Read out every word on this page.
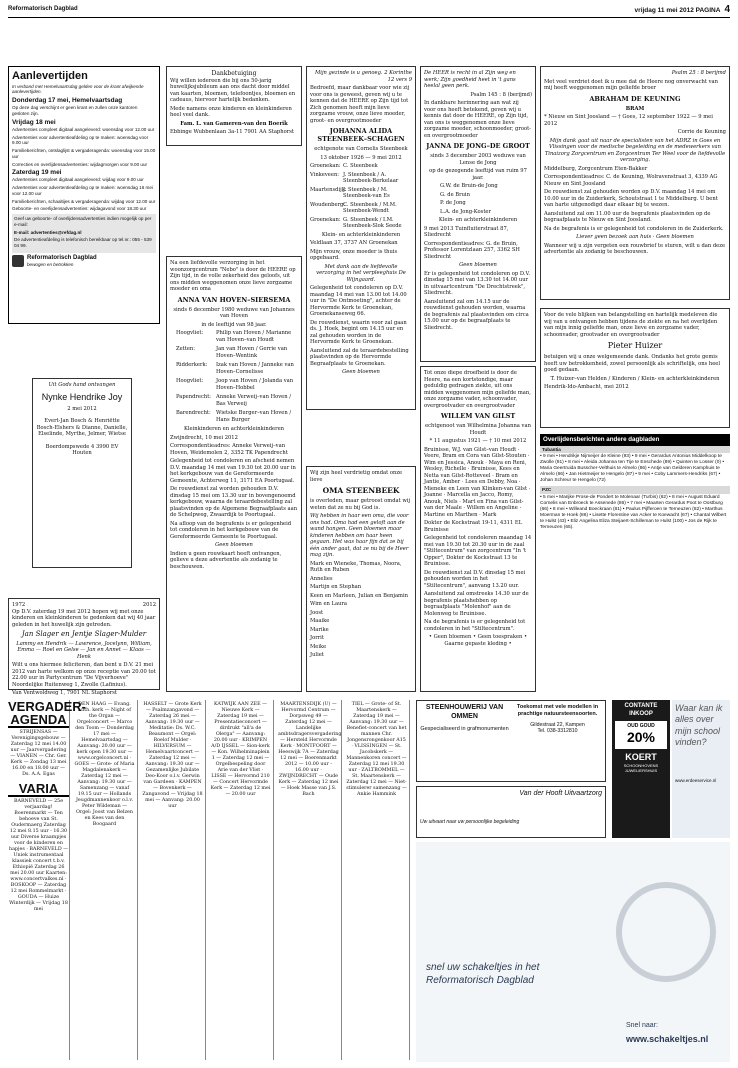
Reformatorisch Dagblad	vrijdag 11 mei 2012 PAGINA 4
Aanlevertijden

In verband met Hemelvaartsdag gelden voor de krant afwijkende aanlevertijden.

Donderdag 17 mei, Hemelvaartsdag

Op deze dag verschijnt er geen krant en zullen onze kantoren gesloten zijn.

Vrijdag 18 mei

Advertenties compleet digitaal aangeleverd: woensdag voor 12.00 uur

Advertenties voor advertentieafdeling op te maken: woensdag voor 9.00 uur

Familieberichten, ontslaglijst & vergaderagenda: woensdag voor 15.00 uur

Correcties en overlijdensadvertenties: wijdagmorgen voor 9.00 uur

Zaterdag 19 mei

Advertenties compleet digitaal aangeleverd: wijdag voor 9.00 uur

Advertenties voor advertentieafdeling op te maken: woensdag 16 mei voor 12.00 uur

Familieberichten, schaaltijes & vergaderagenda: wijdag voor 12.00 uur

Geboorte- en overlijdensadvertenties: wijdagavond voor 18.30 uur

Geef uw geboorte- of overlijdensadvertenties indien mogelijk op per e-mail:

E-mail: advertenties@refdag.nl

De advertentieafdeling is telefonisch bereikbaar op tel.nr.: 055 - 539 04 99.

Reformatorisch Dagblad
bewogen en betrokken

Uit Gods hand ontvangen

Nynke Hendrike Joy

2 mei 2012

Evert-Jan Bosch & Henriëtte Bosch-Elshers & Dianne, Danielle, Elselinde, Myrthe, Jelmer, Wietse

Boerdompswede 4 3990 EV Houten

1972	2012

Op D.V. zaterdag 19 mei 2012 hopen wij met onze kinderen en kleinkinderen te gedenken dat wij 40 jaar geleden in het huwelijk zijn getreden.

Jan Slager en Jentje Slager-Mulder

Lammy en Hendrik — Lawrence, Jocelynn, William, Emma — Roel en Gelse — Jan en Annet — Klaas — Henk

Wilt u ons hiermee feliciteren, dan bent u D.V. 21 mei 2012 van harte welkom op onze receptie van 20.00 tot 22.00 uur in Partycentrum "De Vijverhoeve" Noordelijke Ruitenweg 1, Zwolle (Lafinius).

Van Ventwoldweg 1, 7901 NL Staphorst

Dankbetuiging

Wij willen iedereen die bij ons 50-jarig huwelijksjubileum aan ons dacht door middel van kaarten, bloemen, telefoontjes, bloemen en cadeaus, hiervoor hartelijk bedanken.

Mede namens onze kinderen en kleinkinderen heel veel dank.

Fam. L. van Gameren-van den Boerik

Ebbinge Wubbenlaan 3a-11 7901 AA Staphorst

Na een liefdevolle verzorging in het woonzorgcentrum "Nebo" is door de HEERE op Zijn tijd, in de volle zekerheid des geloofs, uit ons midden weggenomen onze lieve zorgzame moeder en oma

ANNA VAN HOVEN–SIERSEMA

sinds 6 december 1980 weduwe van Johannes van Hoven

in de leeftijd van 98 jaar.

Hoogvliet:	Philip van Hoven / Marianne van Hoven–van Houdt
Zetten:	Jan van Hoven / Gerrie van Hoven–Wentink
Ridderkerk:	Izak van Hoven / Janneke van Hoven–Cornelisse
Hoogvliet:	Joop van Hoven / Jolanda van Hoven–Hobbel
Papendrecht: Anneke Verweij–van Hoven / Bas Verweij
Barendrecht: Wietske Burger–van Hoven / Hans Burger

Kleinkinderen en achterkleinkinderen

Zwijndrecht, 10 mei 2012

Correspondentieadres: Anneke Verweij–van Hoven, Weidemolen 2, 3352 TK Papendrecht

Gelegenheid tot condoleren en afscheid nemen D.V. maandag 14 mei van 19.30 tot 20.00 uur in het kerkgebouw van de Gereformeerde Gemeente, Achterweg 11, 3171 EA Poortugaal.

De rouwdienst zal worden gehouden D.V. dinsdag 15 mei om 13.30 uur in bovengenoemd kerkgebouw, waarna de teraardebestelling zal plaatsvinden op de Algemene Begraafplaats aan de Schelpweg, Zwaardijk te Poortugaal.

Na afloop van de begrafenis is er gelegenheid tot condoleren in het kerkgebouw van de Gereformeerde Gemeente te Poortugaal.

Geen bloemen

Indien u geen rouwkaart heeft ontvangen, gelieve u deze advertentie als zodanig te beschouwen.

Mijn gezinde is u genoeg. 2 Korinthe 12 vers 9

Bedroefd, maar dankbaar voor wie zij voor ons is geweest, geven wij u te kennen dat de HEERE op Zijn tijd tot Zich genomen heeft mijn lieve zorgzame vrouw, onze lieve moeder, groot- en overgrootmoeder

JOHANNA ALIDA STEENBEEK–SCHAGEN

echtgenote van Cornelis Steenbeek

13 oktober 1926 — 9 mei 2012

Groenekan: C. Steenbeek
Vinkeveen: J. Steenbeek / A. Steenbeek-Berkelaar
Maartensdijk:
J. Steenbeek / M. Steenbeek-van Es
Woudenberg:
C. Steenbeek / M.M. Steenbeek-Wendt
Groenekan: G. Steenbeek / I.M. Steenbeek-Slok Seede

Klein- en achterkleinkinderen

Veldlaan 37, 3737 AN Groenekan

Mijn vrouw, onze moeder is thuis opgebaard.

Met dank aan de liefdevolle verzorging in het verpleeghuis De Wijngaard.

Gelegenheid tot condoleren op D.V. maandag 14 mei van 13.00 tot 14.00 uur in "De Ontmoeting", achter de Hervormde Kerk te Groenekan, Groenekanseweg 66.

De rouwdienst, waarin voor zal gaan ds. J. Hoek, begint om 14.15 uur en zal gehouden worden in de Hervormde Kerk te Groenekan.

Aansluitend zal de teraardebestelling plaatsvinden op de Hervormde Begraafplaats te Groenekan.

Geen bloemen

Wij zijn heel verdrietig omdat onze lieve

OMA STEENBEEK

is overleden, maar getroost omdat wij weten dat ze nu bij God is.

Wij hebben in haar een oma, die voor ons had. Oma had een geloft aan de wand hangen. Geen bloemen maar kinderen hebben om haar heen gegaan. Het was haar fijn dat ze bij één ander gaat, dat ze nu bij de Heer mag zijn.

Mark en Wieneke, Thomas, Noora, Ruth en Ruben

Annelies

Martijn en Stephan

Keen en Marleen, Julian en Benjamin

Wim en Laura

Joost

Maaike

Marike

Jorrit

Meike

Juliet

De HEER is recht in al Zijn weg en werk; Zijn goedheid heet in 't gans heelal geen perk.

Psalm 145 : 8 (berijmd)

In dankbare herinnering aan wat zij voor ons heeft betekend, geven wij u kennis dat door de HEERE, op Zijn tijd, van ons is weggenomen onze lieve zorgzame moeder, schoonmoeder, groot- en overgrootmoeder

JANNA DE JONG–DE GROOT

sinds 3 december 2003 weduwe van Lense de Jong

op de gezegende leeftijd van ruim 97 jaar.

G.W. de Bruin-de Jong

G. de Bruin

P. de Jong

L.A. de Jong-Koster

Klein- en achterkleinkinderen

9 mei 2013 Tuinfluiterstraat 87, Sliedrecht

Correspondentieadres: G. de Bruin, Professor Lorentzlaan 257, 3362 SH Sliedrecht

Geen bloemen

Er is gelegenheid tot condoleren op D.V. dinsdag 15 mei van 13.30 tot 14.00 uur in uitvaartcentrum "De Drechtstreek", Sliedrecht.

Aansluitend zal om 14.15 uur de rouwdienst gehouden worden, waarna de begrafenis zal plaatsvinden om circa 15.00 uur op de begraafplaats te Sliedrecht.

Tot onze diepe droefheid is door de Heere, na een kortstondige, maar geduldig gedragen ziekte, uit ons midden weggenomen mijn geliefde man, onze zorgzame vader, schoonvader, overgrootvader en overgrootvader

WILLEM VAN GILST

echtgenoot van Wilhelmina Johanna van Houdt

* 11 augustus 1921 — † 10 mei 2012

Bruinisse, W.J. van Gilst–van Houdt · Veere, Bram en Cora van Gilst-Stouten · Wim en Jessica, Anouk · Maya en Reni, Wesley, Richelle · Bruinisse, Kees en Netta van Gilst-Rotteveel · Bram en Jantie, Amber · Loes en Debby, Noa · Mieneke en Leen van Klinken-van Gilst · Joanne · Marcella en Jacco, Romy, Anouk, Niels · Mart en Fina van Gilst-van der Maale · Willem en Angeline · Martine en Marthen · Mark

Dokter de Kockstraat 19-11, 4311 EL Bruinisse

Gelegenheid tot condoleren maandag 14 mei van 19.30 tot 20.30 uur in de zaal "Stiltecentrum" van zorgcentrum "In 't Opper", Dokter de Kockstraat 13 te Bruinisse.

De rouwdienst zal D.V. dinsdag 15 mei gehouden worden in het "Stiltecentrum", aanvang 13.20 uur.

Aansluitend zal omstreeks 14.30 uur de begrafenis plaatshebben op begraafplaats "Molenhof" aan de Molenweg te Bruinisse.

Na de begrafenis is er gelegenheid tot condoleren in het "Stiltecentrum".

• Geen bloemen • Geen toespraken • Gaarne gepaste kleding •

Psalm 25 : 8 berijmd

Met veel verdriet doet ik u mee dat de Heere nog onverwacht van mij heeft weggenomen mijn geliefde broer

ABRAHAM DE KEUNING

BRAM

* Nieuw en Sint Joosland — † Goes, 12 september 1922 — 9 mei 2012

Corrie de Keuning

Mijn dank gaat uit naar de specialisten van het ADRZ in Goes en Vlissingen voor de medische begeleiding en de medewerkers van Tinaizorg Zorgcentrum en Zorgcentrum Ter Weel voor de liefdevolle verzorging.

Middelburg, Zorgcentrum Eten-Bakker

Correspondentieadres: C. de Keuning, Wolravenstraat 3, 4339 AG Nieuw en Sint Joosland

De rouwdienst zal gehouden worden op D.V. maandag 14 mei om 10.00 uur in de Zuiderkerk, Schoutstraat 1 te Middelburg. U bent van harte uitgenodigd daar elkaar bij te wezen.

Aansluitend zal om 11.00 uur de begrafenis plaatsvinden op de begraafplaats te Nieuw en Sint Joosland.

Na de begrafenis is er gelegenheid tot condoleren in de Zuiderkerk.

Liever geen bezoek aan huis · Geen bloemen

Wanneer wij u zijn vergeten een rouwbrief te sturen, wilt u dan deze advertentie als zodanig te beschouwen.

Voor de vele blijken van belangstelling en hartelijk medeleven die wij van u ontvangen hebben tijdens de ziekte en na het overlijden van mijn innig geliefde man, onze lieve en zorgzame vader, schoonvader, grootvader en overgrootvader

Pieter Huizer

betuigen wij u onze welgemeende dank. Ondanks het grote gemis heeft uw betrokkenheid, zowel persoonlijk als schriftelijk, ons heel goed gedaan.

T. Huizer–van Helden / Kinderen / Klein- en achterkleinkinderen

Hendrik-Ido-Ambacht, mei 2012

Overlijdensberichten andere dagbladen
Tubantia

• 9 mei • Hendrikje Nijmeijer de Kleine (93) • 9 mei • Gerardus Antonius Middelkoop te Zwolle (91) • 8 mei • Aleida Johanna ten Tije te Enschede (89) • Quinten te Losser (0) • Maria Geertruida Busscher-Velthuis te Almelo (86) • Antje van Gelderen Kamphuis te Almelo (66) • Jan Hietmeijer te Hengelo (87) • 9 mei • Coby Lammers-Hendriks (67) • Johan Schreur te Hengelo (72)

PZC

• 5 mei • Marijke Prose-de Pondert te Molenaar (Turbis) (62) • 8 mei • August Eduard Cornelis van Enbroeck te Assenede (86) • 7 mei • Maarten Gerardus Poot te Oostburg (66) • 8 mei • Willeand Boeckraan (81) • Paulus Pijfferoen te Terneuzen (82) • Marthus Moerman te Hoek (86) • Lisette Florentine van Acker te Koewacht (67) • Chantal Wilbert te Hulst (43) • Eliz Angelina Eliza Steijaert-Schilleman te Hulst (100) • Jos de Rijk te Terneuzen (65).

VERGADER-AGENDA

STRIJENSAS — Verenigingsgebouw — Zaterdag 12 mei 14.00 uur — Jaarvergadering — VIANEN — Chr. Ger. Kerk — Zondag 13 mei 16.00 en 18.00 uur — Ds. A.A. Egas

VARIA

BARNEVELD — 25e verjaardag! Boerenmarkt — Ten behoeve van St. Oudermaerg Zaterdag 12 mei 8.15 uur - 16.30 uur Diverse kraampjes voor de kinderen en hapjes · BARNEVELD — Uniek instrumentaal klassiek concert t.b.v. Ethiopië Zaterdag 26 mei 20.00 uur Kaarten: www.concertvalkes.nl · BOSKOOP — Zaterdag 12 mei Rommelmarkt · GOUDA — Huize Winterdijk — Vrijdag 18 mei

DEN HAAG — Evang. Luth. kerk — Night of the Organ — Orgelconcert — Marco den Toom — Donderdag 17 mei — Hemelvaartsdag — Aanvang: 20.00 uur — kerk open 19.30 uur — www.orgelconcert.nl · GOES — Grote- of Maria Magdalenakerk — Zaterdag 12 mei — Aanvang: 19.30 uur — Samenzang — vanaf 19.15 uur — Hollands Jeugdmannenkoor o.l.v. Peter Wildeman — Orgel: Joost van Belzen en Kees van den Boogaard

HASSELT — Grote Kerk — Psalmzangavond — Zaterdag 26 mei — Aanvang: 19.30 uur — Meditatie: Ds. W.C. Beaumont — Orgel: Roelof Mulder · HILVERSUM — Hemelvaartconcert — Zaterdag 12 mei — Aanvang: 19.30 uur — Gezamenlijke Jubilate Deo-Koor o.l.v. Gerwin van Gardeen · KAMPEN — Bovenkerk — Zangavond — Vrijdag 18 mei — Aanvang: 20.00 uur

KATWIJK AAN ZEE — Nieuwe Kerk — Zaterdag 19 mei — Presentatieconcert — dirdrukt "all'a de Olerga" — Aanvang: 20.00 uur · KRIMPEN A/D IJSSEL — Sion-kerk — Kon. Wilhelminaplein 1 — Zaterdag 12 mei — Orgelbespeling door Arie van der Vlist · LISSE — Hervormd 210 — Concert Hervormde Kerk — Zaterdag 12 mei — 20.00 uur

MAARTENSDIJK (U) — Hervormd Centrum — Dorpsweg 49 — Zaterdag 12 mei — Landelijke ambtsdragersvergadering — Hersteld Hervormde Kerk · MONTFOORT — Heeswijk 7A — Zaterdag 12 mei — Boerenmarkt 2012 — 10.00 uur - 16.00 uur · ZWIJNDRECHT — Oude Kerk — Zaterdag 12 mei — Hoek Masse van J.S. Bach

TIEL — Grote- of St. Maartenskerk — Zaterdag 19 mei — Aanvang: 19.30 uur — Benefiet-concert van het mannen Chr. Jongensrongenkoor A15 · VLISSINGEN — St. Jacobskerk — Mannenkoren concert — Zaterdag 12 mei 19.30 uur · ZALTBOMMEL — St. Maartenskerk — Zaterdag 12 mei — Niet-stimulerer samenzang — Ankie Hammink

STEENHOUWERIJ VAN OMMEN
Gespecialiseerd in grafmonumenten
Toekomst met vele modellen in prachtige natuursteensoorten.
Gildestraat 22, Kampen
Tel. 038-3312810
Van der Hooft Uitvaartzorg
Uw uitvaart naar uw persoonlijke begeleiding
snel uw schakeltjes in het Reformatorisch Dagblad
Snel naar:
www.schakeltjes.nl
CONTANTE INKOOP
OUD GOUD
20%
KOERT
SCHOONHOVENS JUWELIERSHUIS
Waar kan ik alles over mijn school vinden?
www.erdeeservice.nl
